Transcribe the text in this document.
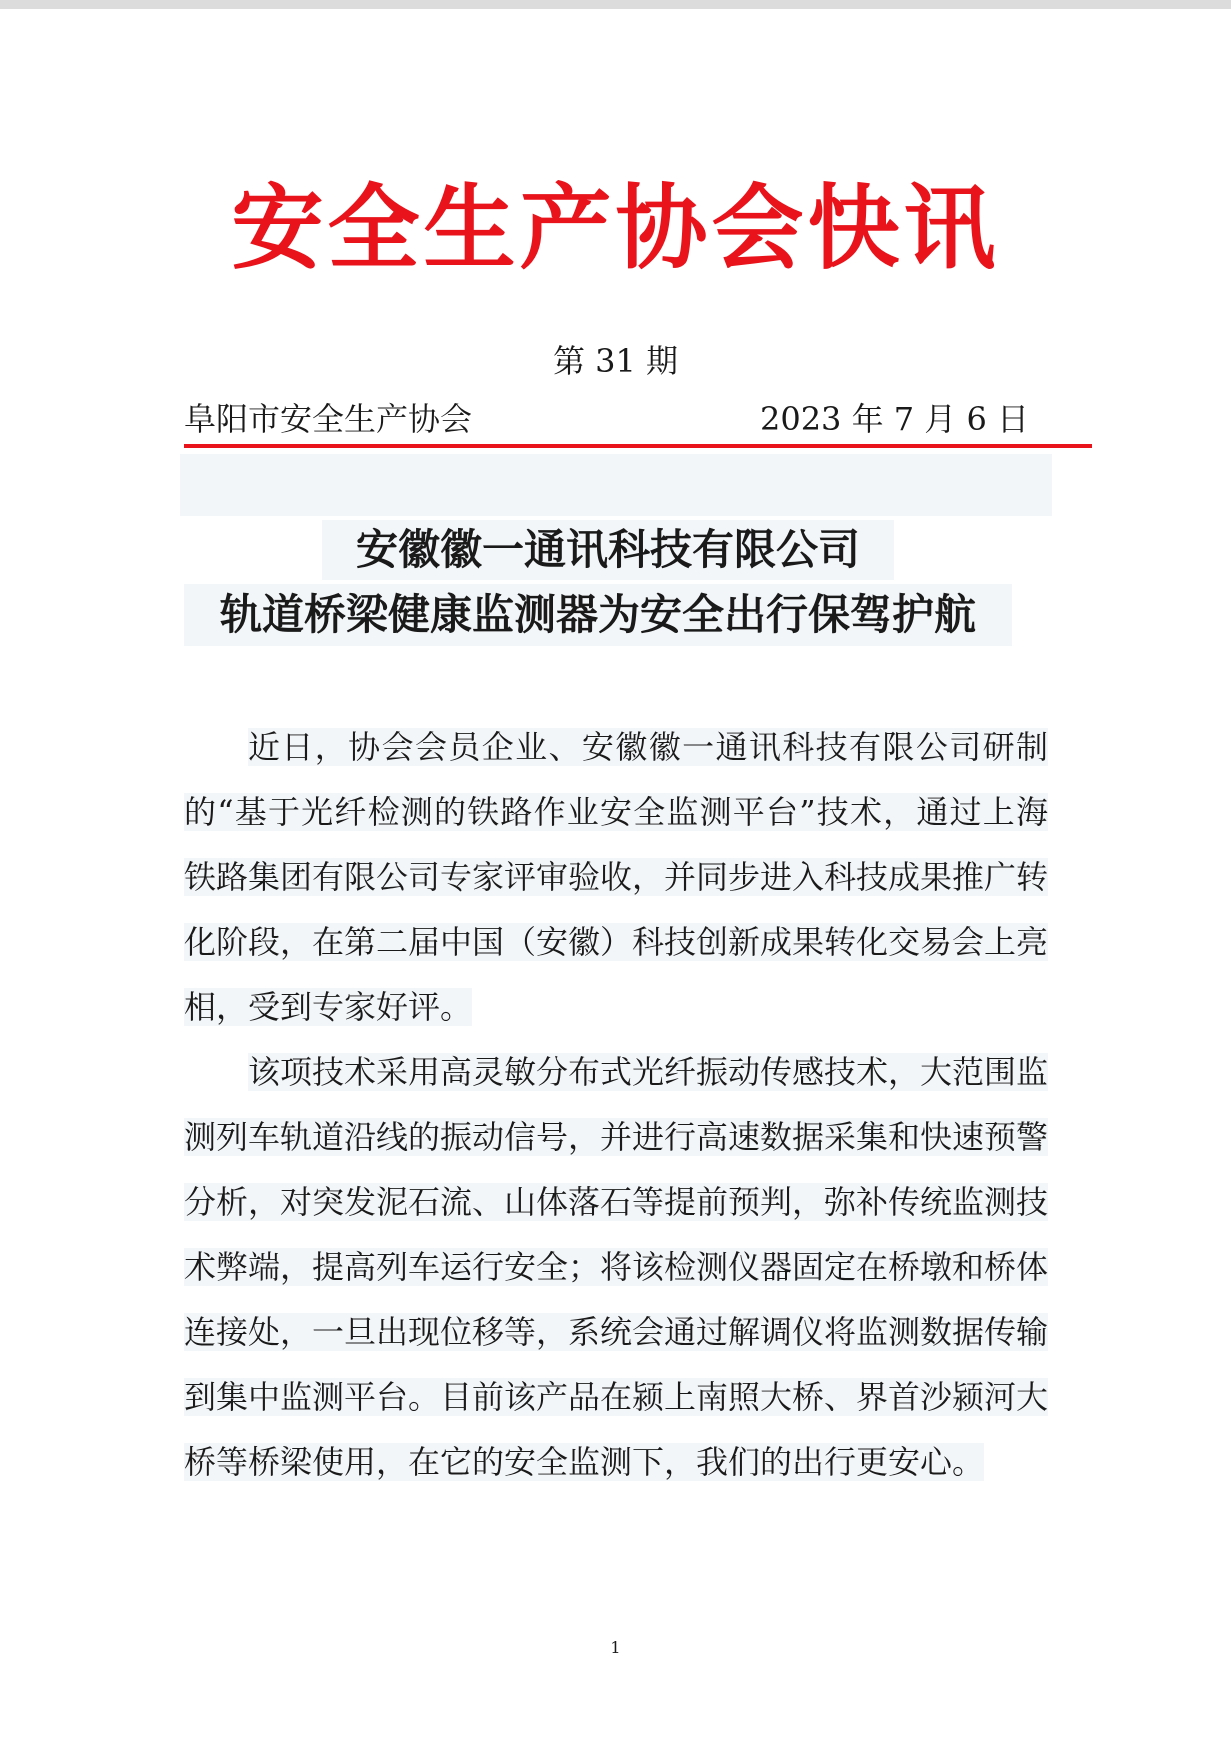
安全生产协会快讯
第 31 期
阜阳市安全生产协会	2023 年 7 月 6 日
安徽徽一通讯科技有限公司
轨道桥梁健康监测器为安全出行保驾护航

近日，协会会员企业、安徽徽一通讯科技有限公司研制的“基于光纤检测的铁路作业安全监测平台”技术，通过上海铁路集团有限公司专家评审验收，并同步进入科技成果推广转化阶段，在第二届中国（安徽）科技创新成果转化交易会上亮相，受到专家好评。

该项技术采用高灵敏分布式光纤振动传感技术，大范围监测列车轨道沿线的振动信号，并进行高速数据采集和快速预警分析，对突发泥石流、山体落石等提前预判，弥补传统监测技术弊端，提高列车运行安全；将该检测仪器固定在桥墩和桥体连接处，一旦出现位移等，系统会通过解调仪将监测数据传输到集中监测平台。目前该产品在颍上南照大桥、界首沙颍河大桥等桥梁使用，在它的安全监测下，我们的出行更安心。

1
